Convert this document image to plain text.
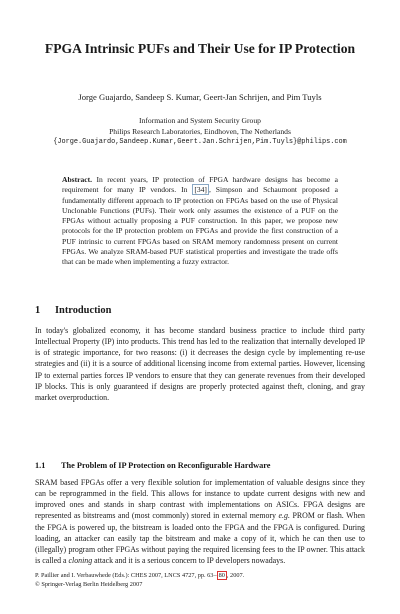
FPGA Intrinsic PUFs and Their Use for IP Protection
Jorge Guajardo, Sandeep S. Kumar, Geert-Jan Schrijen, and Pim Tuyls
Information and System Security Group
Philips Research Laboratories, Eindhoven, The Netherlands
{Jorge.Guajardo,Sandeep.Kumar,Geert.Jan.Schrijen,Pim.Tuyls}@philips.com
Abstract. In recent years, IP protection of FPGA hardware designs has become a requirement for many IP vendors. In [34] , Simpson and Schaumont proposed a fundamentally different approach to IP protection on FPGAs based on the use of Physical Unclonable Functions (PUFs). Their work only assumes the existence of a PUF on the FPGAs without actually proposing a PUF construction. In this paper, we propose new protocols for the IP protection problem on FPGAs and provide the first construction of a PUF intrinsic to current FPGAs based on SRAM memory randomness present on current FPGAs. We analyze SRAM-based PUF statistical properties and investigate the trade offs that can be made when implementing a fuzzy extractor.
1 Introduction
In today's globalized economy, it has become standard business practice to include third party Intellectual Property (IP) into products. This trend has led to the realization that internally developed IP is of strategic importance, for two reasons: (i) it decreases the design cycle by implementing re-use strategies and (ii) it is a source of additional licensing income from external parties. However, licensing IP to external parties forces IP vendors to ensure that they can generate revenues from their developed IP blocks. This is only guaranteed if designs are properly protected against theft, cloning, and gray market overproduction.
1.1 The Problem of IP Protection on Reconfigurable Hardware
SRAM based FPGAs offer a very flexible solution for implementation of valuable designs since they can be reprogrammed in the field. This allows for instance to update current designs with new and improved ones and stands in sharp contrast with implementations on ASICs. FPGA designs are represented as bitstreams and (most commonly) stored in external memory e.g. PROM or flash. When the FPGA is powered up, the bitstream is loaded onto the FPGA and the FPGA is configured. During loading, an attacker can easily tap the bitstream and make a copy of it, which he can then use to (illegally) program other FPGAs without paying the required licensing fees to the IP owner. This attack is called a cloning attack and it is a serious concern to IP developers nowadays.
P. Paillier and I. Verbauwhede (Eds.): CHES 2007, LNCS 4727, pp. 63– 80 , 2007.
© Springer-Verlag Berlin Heidelberg 2007
